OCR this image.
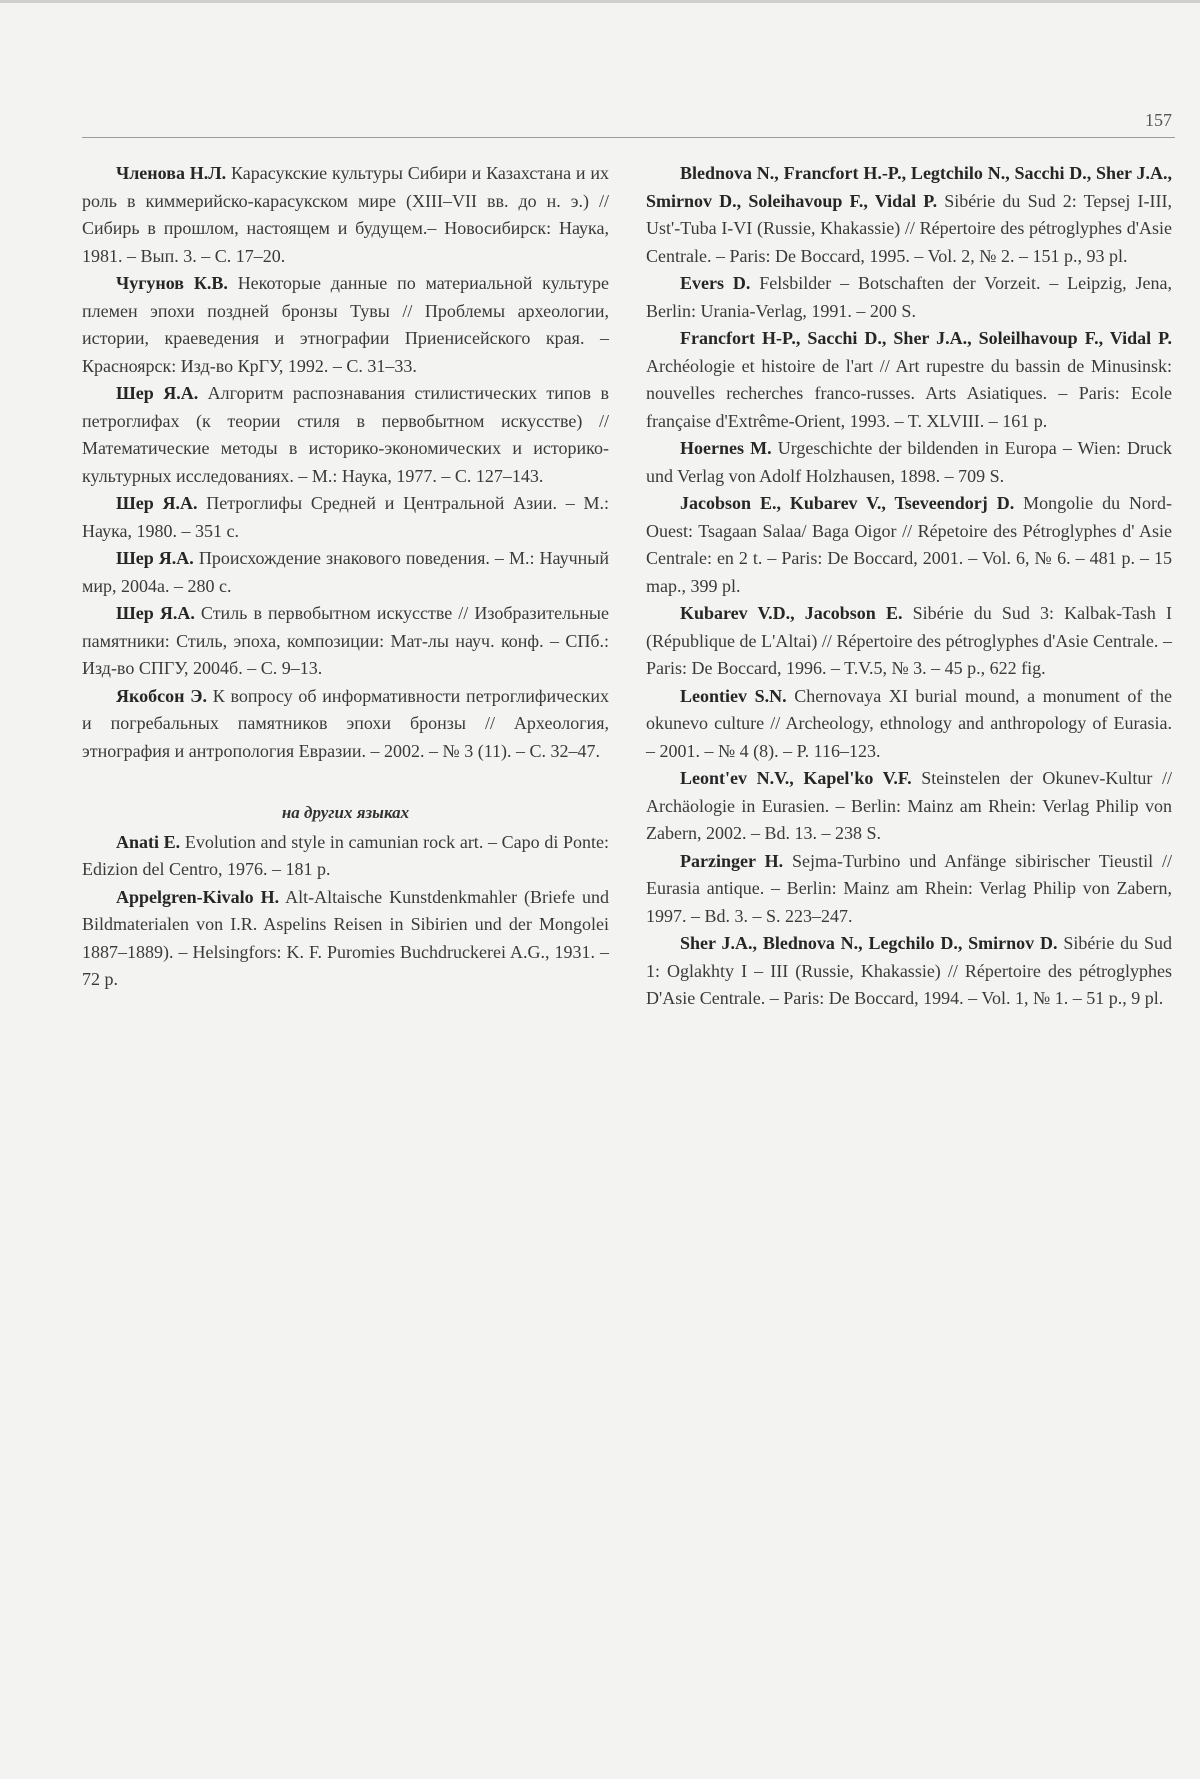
157

Членова Н.Л. Карасукские культуры Сибири и Казахстана и их роль в киммерийско-карасукском мире (XIII–VII вв. до н. э.) // Сибирь в прошлом, настоящем и будущем.– Новосибирск: Наука, 1981. – Вып. 3. – С. 17–20.

Чугунов К.В. Некоторые данные по материальной культуре племен эпохи поздней бронзы Тувы // Проблемы археологии, истории, краеведения и этнографии Приенисейского края. – Красноярск: Изд-во КрГУ, 1992. – С. 31–33.

Шер Я.А. Алгоритм распознавания стилистических типов в петроглифах (к теории стиля в первобытном искусстве) // Математические методы в историко-экономических и историко-культурных исследованиях. – М.: Наука, 1977. – С. 127–143.

Шер Я.А. Петроглифы Средней и Центральной Азии. – М.: Наука, 1980. – 351 с.

Шер Я.А. Происхождение знакового поведения. – М.: Научный мир, 2004а. – 280 с.

Шер Я.А. Стиль в первобытном искусстве // Изобразительные памятники: Стиль, эпоха, композиции: Мат-лы науч. конф. – СПб.: Изд-во СПГУ, 2004б. – С. 9–13.

Якобсон Э. К вопросу об информативности петроглифических и погребальных памятников эпохи бронзы // Археология, этнография и антропология Евразии. – 2002. – № 3 (11). – С. 32–47.

на других языках

Anati E. Evolution and style in camunian rock art. – Capo di Ponte: Edizion del Centro, 1976. – 181 p.

Appelgren-Kivalo H. Alt-Altaische Kunstdenkmahler (Briefe und Bildmaterialen von I.R. Aspelins Reisen in Sibirien und der Mongolei 1887–1889). – Helsingfors: K. F. Puromies Buchdruckerei A.G., 1931. – 72 p.

Blednova N., Francfort H.-P., Legtchilo N., Sacchi D., Sher J.A., Smirnov D., Soleihavoup F., Vidal P. Sibérie du Sud 2: Tepsej I-III, Ust'-Tuba I-VI (Russie, Khakassie) // Répertoire des pétroglyphes d'Asie Centrale. – Paris: De Boccard, 1995. – Vol. 2, № 2. – 151 p., 93 pl.

Evers D. Felsbilder – Botschaften der Vorzeit. – Leipzig, Jena, Berlin: Urania-Verlag, 1991. – 200 S.

Francfort H-P., Sacchi D., Sher J.A., Soleilhavoup F., Vidal P. Archéologie et histoire de l'art // Art rupestre du bassin de Minusinsk: nouvelles recherches franco-russes. Arts Asiatiques. – Paris: Ecole française d'Extrême-Orient, 1993. – T. XLVIII. – 161 p.

Hoernes M. Urgeschichte der bildenden in Europa – Wien: Druck und Verlag von Adolf Holzhausen, 1898. – 709 S.

Jacobson E., Kubarev V., Tseveendorj D. Mongolie du Nord-Ouest: Tsagaan Salaa/ Baga Oigor // Répetoire des Pétroglyphes d' Asie Centrale: en 2 t. – Paris: De Boccard, 2001. – Vol. 6, № 6. – 481 p. – 15 map., 399 pl.

Kubarev V.D., Jacobson E. Sibérie du Sud 3: Kalbak-Tash I (République de L'Altai) // Répertoire des pétroglyphes d'Asie Centrale. – Paris: De Boccard, 1996. – T.V.5, № 3. – 45 p., 622 fig.

Leontiev S.N. Chernovaya XI burial mound, a monument of the okunevo culture // Archeology, ethnology and anthropology of Eurasia. – 2001. – № 4 (8). – P. 116–123.

Leont'ev N.V., Kapel'ko V.F. Steinstelen der Okunev-Kultur // Archäologie in Eurasien. – Berlin: Mainz am Rhein: Verlag Philip von Zabern, 2002. – Bd. 13. – 238 S.

Parzinger H. Sejma-Turbino und Anfänge sibirischer Tieustil // Eurasia antique. – Berlin: Mainz am Rhein: Verlag Philip von Zabern, 1997. – Bd. 3. – S. 223–247.

Sher J.A., Blednova N., Legchilo D., Smirnov D. Sibérie du Sud 1: Oglakhty I – III (Russie, Khakassie) // Répertoire des pétroglyphes D'Asie Centrale. – Paris: De Boccard, 1994. – Vol. 1, № 1. – 51 p., 9 pl.
